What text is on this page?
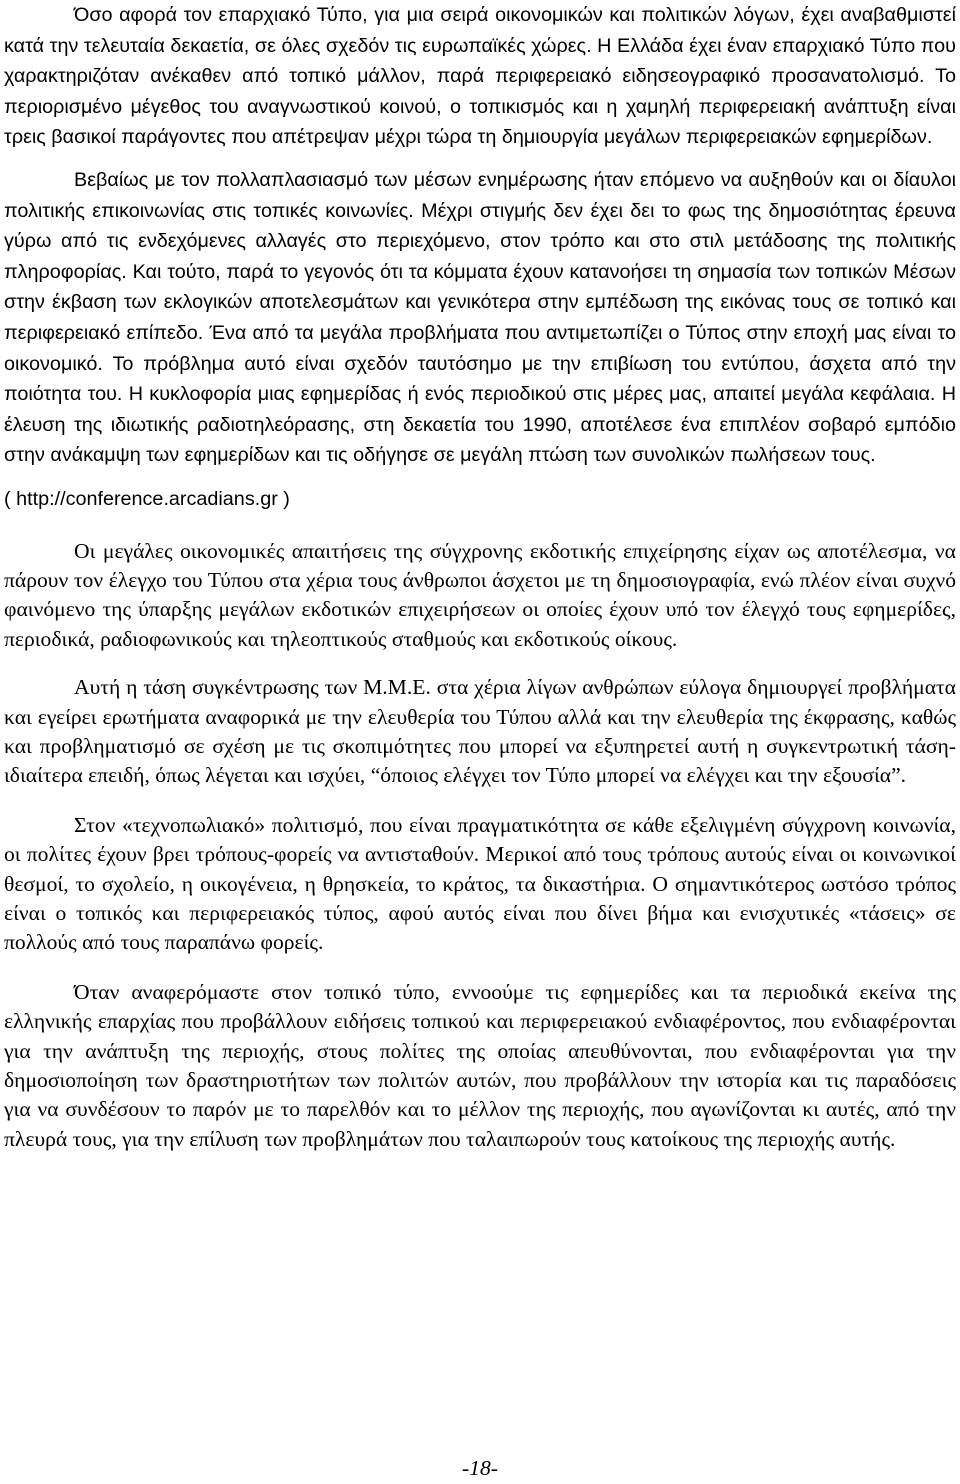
Όσο αφορά τον επαρχιακό Τύπο, για μια σειρά οικονομικών και πολιτικών λόγων, έχει αναβαθμιστεί κατά την τελευταία δεκαετία, σε όλες σχεδόν τις ευρωπαϊκές χώρες. Η Ελλάδα έχει έναν επαρχιακό Τύπο που χαρακτηριζόταν ανέκαθεν από τοπικό μάλλον, παρά περιφερειακό ειδησεογραφικό προσανατολισμό. Το περιορισμένο μέγεθος του αναγνωστικού κοινού, ο τοπικισμός και η χαμηλή περιφερειακή ανάπτυξη είναι τρεις βασικοί παράγοντες που απέτρεψαν μέχρι τώρα τη δημιουργία μεγάλων περιφερειακών εφημερίδων.

Βεβαίως με τον πολλαπλασιασμό των μέσων ενημέρωσης ήταν επόμενο να αυξηθούν και οι δίαυλοι πολιτικής επικοινωνίας στις τοπικές κοινωνίες. Μέχρι στιγμής δεν έχει δει το φως της δημοσιότητας έρευνα γύρω από τις ενδεχόμενες αλλαγές στο περιεχόμενο, στον τρόπο και στο στιλ μετάδοσης της πολιτικής πληροφορίας. Και τούτο, παρά το γεγονός ότι τα κόμματα έχουν κατανοήσει τη σημασία των τοπικών Μέσων στην έκβαση των εκλογικών αποτελεσμάτων και γενικότερα στην εμπέδωση της εικόνας τους σε τοπικό και περιφερειακό επίπεδο. Ένα από τα μεγάλα προβλήματα που αντιμετωπίζει ο Τύπος στην εποχή μας είναι το οικονομικό. Το πρόβλημα αυτό είναι σχεδόν ταυτόσημο με την επιβίωση του εντύπου, άσχετα από την ποιότητα του. Η κυκλοφορία μιας εφημερίδας ή ενός περιοδικού στις μέρες μας, απαιτεί μεγάλα κεφάλαια. Η έλευση της ιδιωτικής ραδιοτηλεόρασης, στη δεκαετία του 1990, αποτέλεσε ένα επιπλέον σοβαρό εμπόδιο στην ανάκαμψη των εφημερίδων και τις οδήγησε σε μεγάλη πτώση των συνολικών πωλήσεων τους.

( http://conference.arcadians.gr )

Οι μεγάλες οικονομικές απαιτήσεις της σύγχρονης εκδοτικής επιχείρησης είχαν ως αποτέλεσμα, να πάρουν τον έλεγχο του Τύπου στα χέρια τους άνθρωποι άσχετοι με τη δημοσιογραφία, ενώ πλέον είναι συχνό φαινόμενο της ύπαρξης μεγάλων εκδοτικών επιχειρήσεων οι οποίες έχουν υπό τον έλεγχό τους εφημερίδες, περιοδικά, ραδιοφωνικούς και τηλεοπτικούς σταθμούς και εκδοτικούς οίκους.

Αυτή η τάση συγκέντρωσης των Μ.Μ.Ε. στα χέρια λίγων ανθρώπων εύλογα δημιουργεί προβλήματα και εγείρει ερωτήματα αναφορικά με την ελευθερία του Τύπου αλλά και την ελευθερία της έκφρασης, καθώς και προβληματισμό σε σχέση με τις σκοπιμότητες που μπορεί να εξυπηρετεί αυτή η συγκεντρωτική τάση- ιδιαίτερα επειδή, όπως λέγεται και ισχύει, “όποιος ελέγχει τον Τύπο μπορεί να ελέγχει και την εξουσία”.

Στον «τεχνοπωλιακό» πολιτισμό, που είναι πραγματικότητα σε κάθε εξελιγμένη σύγχρονη κοινωνία, οι πολίτες έχουν βρει τρόπους-φορείς να αντισταθούν. Μερικοί από τους τρόπους αυτούς είναι οι κοινωνικοί θεσμοί, το σχολείο, η οικογένεια, η θρησκεία, το κράτος, τα δικαστήρια. Ο σημαντικότερος ωστόσο τρόπος είναι ο τοπικός και περιφερειακός τύπος, αφού αυτός είναι που δίνει βήμα και ενισχυτικές «τάσεις» σε πολλούς από τους παραπάνω φορείς.

Όταν αναφερόμαστε στον τοπικό τύπο, εννοούμε τις εφημερίδες και τα περιοδικά εκείνα της ελληνικής επαρχίας που προβάλλουν ειδήσεις τοπικού και περιφερειακού ενδιαφέροντος, που ενδιαφέρονται για την ανάπτυξη της περιοχής, στους πολίτες της οποίας απευθύνονται, που ενδιαφέρονται για την δημοσιοποίηση των δραστηριοτήτων των πολιτών αυτών, που προβάλλουν την ιστορία και τις παραδόσεις για να συνδέσουν το παρόν με το παρελθόν και το μέλλον της περιοχής, που αγωνίζονται κι αυτές, από την πλευρά τους, για την επίλυση των προβλημάτων που ταλαιπωρούν τους κατοίκους της περιοχής αυτής.

-18-
